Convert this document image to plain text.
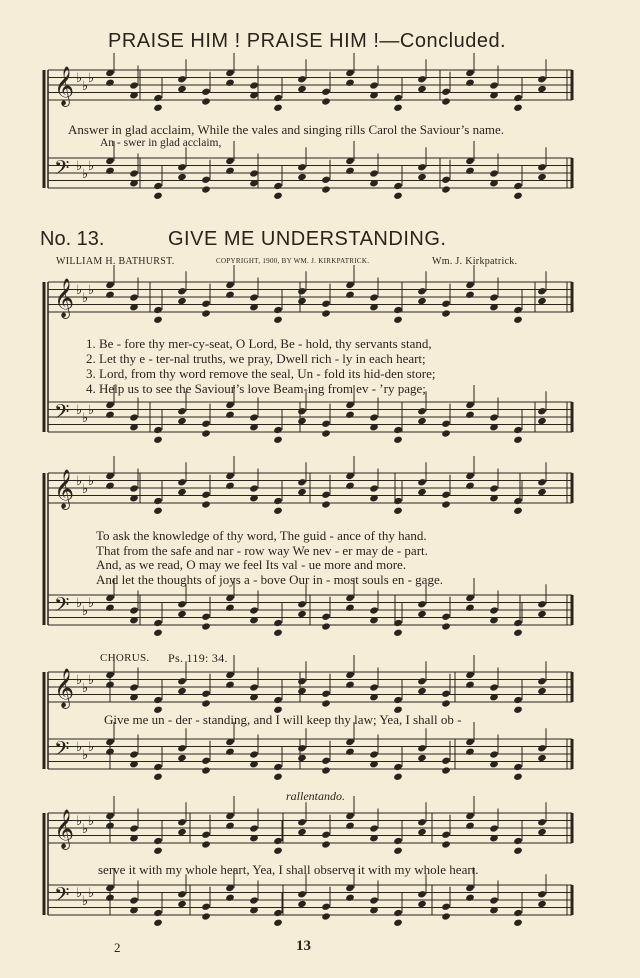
𝄞 ♭
♭
♭
𝄢 ♭
♭
♭
𝄞 ♭
♭
♭
𝄢 ♭
♭
♭
𝄞 ♭
♭
♭
𝄢 ♭
♭
♭
𝄞 ♭
♭
♭
𝄢 ♭
♭
♭
𝄞 ♭
♭
♭
𝄢 ♭
♭
♭
PRAISE HIM ! PRAISE HIM !—Concluded.
Answer in glad acclaim, While the vales and singing rills Carol the Saviour’s name.
An - swer in glad acclaim,
No. 13.	GIVE ME UNDERSTANDING.
WILLIAM H. BATHURST.	COPYRIGHT, 1900, BY WM. J. KIRKPATRICK.	Wm. J. Kirkpatrick.
1. Be - fore thy mer-cy-seat, O Lord, Be - hold, thy servants stand,
2. Let thy e - ter-nal truths, we pray, Dwell rich - ly in each heart;
3. Lord, from thy word remove the seal, Un - fold its hid-den store;
4. Help us to see the Saviour’s love Beam-ing from ev - ’ry page;
To ask the knowledge of thy word, The guid - ance of thy hand.
That from the safe and nar - row way We nev - er may de - part.
And, as we read, O may we feel Its val - ue more and more.
And let the thoughts of joys a - bove Our in - most souls en - gage.
CHORUS. Ps. 119: 34.
Give me un - der - standing, and I will keep thy law; Yea, I shall ob -
rallentando.
serve it with my whole heart, Yea, I shall observe it with my whole heart.
2	13
